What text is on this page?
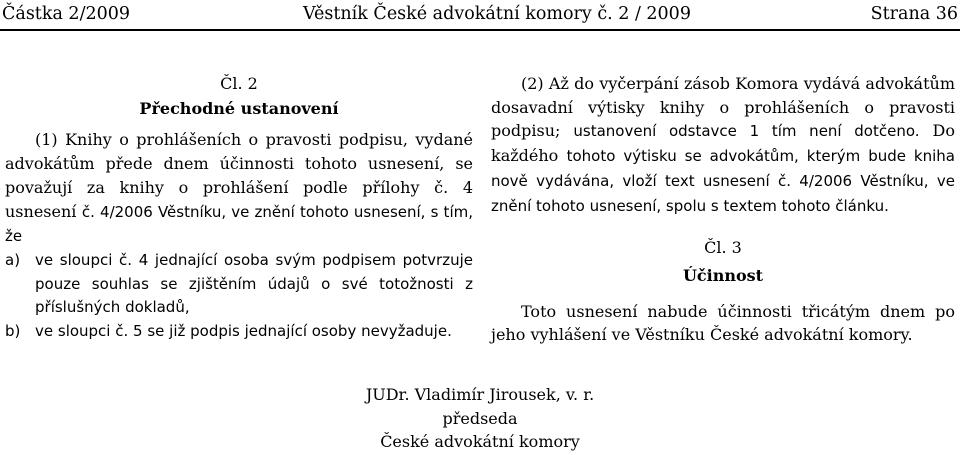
Částka 2/2009	Věstník České advokátní komory č. 2 / 2009	Strana 36

Čl. 2

Přechodné ustanovení

(1) Knihy o prohlášeních o pravosti podpisu, vydané advokátům přede dnem účinnosti tohoto usnesení, se považují za knihy o prohlášení podle přílohy č. 4 usnesení č. 4/2006 Věstníku, ve znění tohoto usnesení, s tím, že

a) ve sloupci č. 4 jednající osoba svým podpisem potvrzuje pouze souhlas se zjištěním údajů o své totožnosti z příslušných dokladů,
b) ve sloupci č. 5 se již podpis jednající osoby nevyžaduje.

(2) Až do vyčerpání zásob Komora vydává advokátům dosavadní výtisky knihy o prohlášeních o pravosti podpisu; ustanovení odstavce 1 tím není dotčeno. Do každého tohoto výtisku se advokátům, kterým bude kniha nově vydávána, vloží text usnesení č. 4/2006 Věstníku, ve znění tohoto usnesení, spolu s textem tohoto článku.

Čl. 3

Účinnost

Toto usnesení nabude účinnosti třicátým dnem po jeho vyhlášení ve Věstníku České advokátní komory.

JUDr. Vladimír Jirousek, v. r.
předseda
České advokátní komory
